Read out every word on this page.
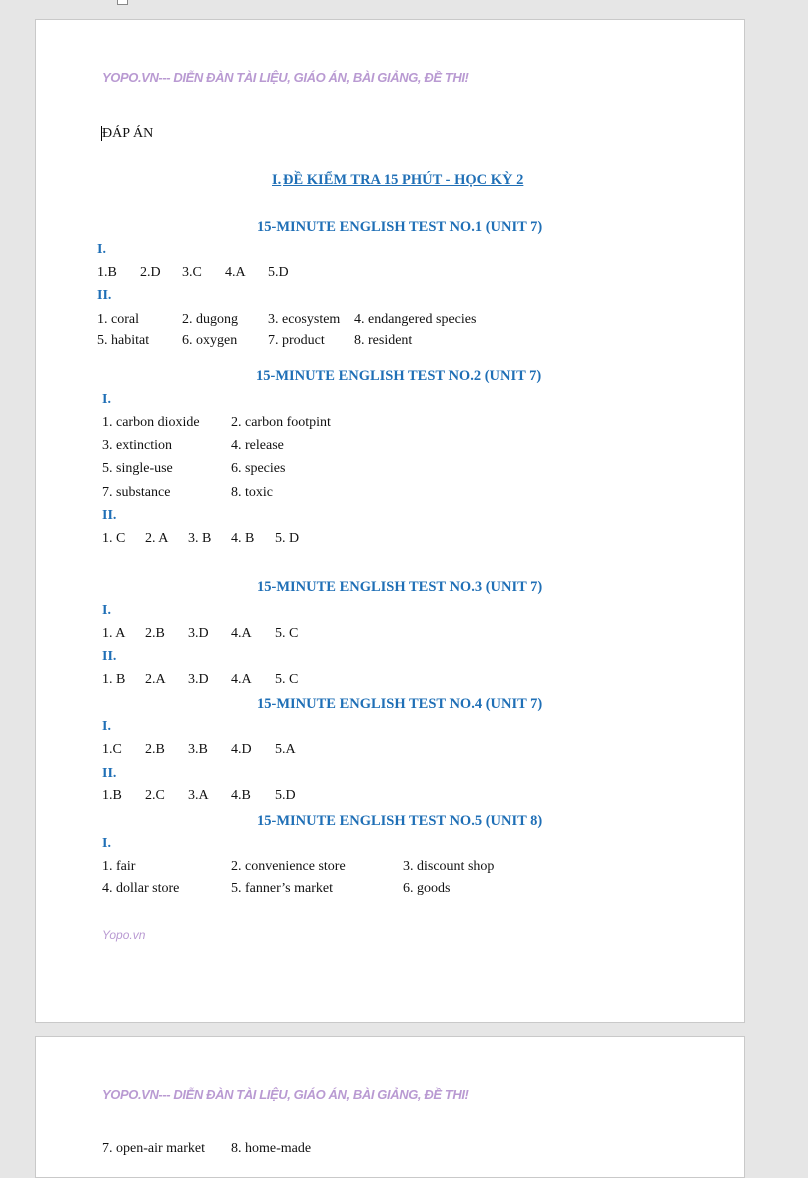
YOPO.VN--- DIỄN ĐÀN TÀI LIỆU, GIÁO ÁN, BÀI GIẢNG, ĐỀ THI!
ĐÁP ÁN
I. ĐỀ KIỂM TRA 15 PHÚT - HỌC KỲ 2
15-MINUTE ENGLISH TEST NO.1 (UNIT 7)
I.
1.B 2.D 3.C 4.A 5.D
II.
1. coral	2. dugong 3. ecosystem 4. endangered species
5. habitat 6. oxygen 7. product 8. resident
15-MINUTE ENGLISH TEST NO.2 (UNIT 7)
I.
1. carbon dioxide 2. carbon footpint
3. extinction	4. release
5. single-use	6. species
7. substance	8. toxic
II.
1. C 2. A 3. B 4. B 5. D
15-MINUTE ENGLISH TEST NO.3 (UNIT 7)
I.
1. A 2.B 3.D 4.A 5. C
II.
1. B 2.A 3.D 4.A 5. C
15-MINUTE ENGLISH TEST NO.4 (UNIT 7)
I.
1.C 2.B 3.B 4.D 5.A
II.
1.B 2.C 3.A 4.B 5.D
15-MINUTE ENGLISH TEST NO.5 (UNIT 8)
I.
1. fair	2. convenience store	3. discount shop
4. dollar store	5. fanner’s market	6. goods
Yopo.vn
YOPO.VN--- DIỄN ĐÀN TÀI LIỆU, GIÁO ÁN, BÀI GIẢNG, ĐỀ THI!
7. open-air market 8. home-made
